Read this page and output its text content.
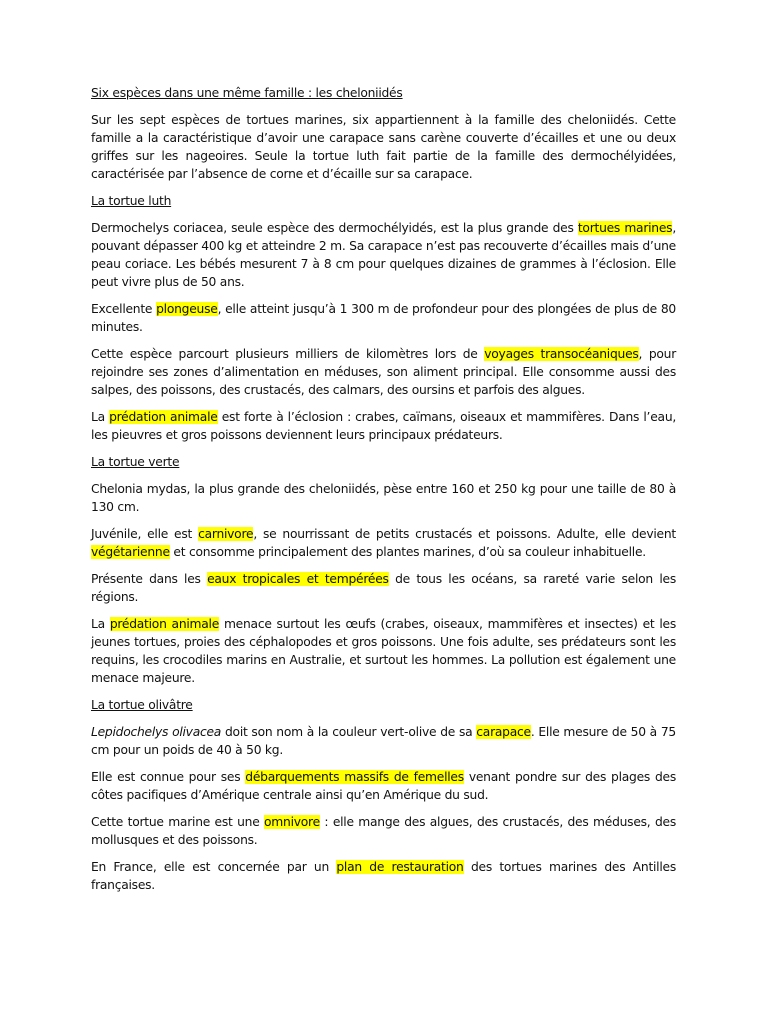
Six espèces dans une même famille : les cheloniidés

Sur les sept espèces de tortues marines, six appartiennent à la famille des cheloniidés. Cette famille a la caractéristique d’avoir une carapace sans carène couverte d’écailles et une ou deux griffes sur les nageoires. Seule la tortue luth fait partie de la famille des dermochélyidées, caractérisée par l’absence de corne et d’écaille sur sa carapace.

La tortue luth

Dermochelys coriacea, seule espèce des dermochélyidés, est la plus grande des tortues marines, pouvant dépasser 400 kg et atteindre 2 m. Sa carapace n’est pas recouverte d’écailles mais d’une peau coriace. Les bébés mesurent 7 à 8 cm pour quelques dizaines de grammes à l’éclosion. Elle peut vivre plus de 50 ans.

Excellente plongeuse, elle atteint jusqu’à 1 300 m de profondeur pour des plongées de plus de 80 minutes.

Cette espèce parcourt plusieurs milliers de kilomètres lors de voyages transocéaniques, pour rejoindre ses zones d’alimentation en méduses, son aliment principal. Elle consomme aussi des salpes, des poissons, des crustacés, des calmars, des oursins et parfois des algues.

La prédation animale est forte à l’éclosion : crabes, caïmans, oiseaux et mammifères. Dans l’eau, les pieuvres et gros poissons deviennent leurs principaux prédateurs.

La tortue verte

Chelonia mydas, la plus grande des cheloniidés, pèse entre 160 et 250 kg pour une taille de 80 à 130 cm.

Juvénile, elle est carnivore, se nourrissant de petits crustacés et poissons. Adulte, elle devient végétarienne et consomme principalement des plantes marines, d’où sa couleur inhabituelle.

Présente dans les eaux tropicales et tempérées de tous les océans, sa rareté varie selon les régions.

La prédation animale menace surtout les œufs (crabes, oiseaux, mammifères et insectes) et les jeunes tortues, proies des céphalopodes et gros poissons. Une fois adulte, ses prédateurs sont les requins, les crocodiles marins en Australie, et surtout les hommes. La pollution est également une menace majeure.

La tortue olivâtre

Lepidochelys olivacea doit son nom à la couleur vert-olive de sa carapace. Elle mesure de 50 à 75 cm pour un poids de 40 à 50 kg.

Elle est connue pour ses débarquements massifs de femelles venant pondre sur des plages des côtes pacifiques d’Amérique centrale ainsi qu’en Amérique du sud.

Cette tortue marine est une omnivore : elle mange des algues, des crustacés, des méduses, des mollusques et des poissons.

En France, elle est concernée par un plan de restauration des tortues marines des Antilles françaises.
